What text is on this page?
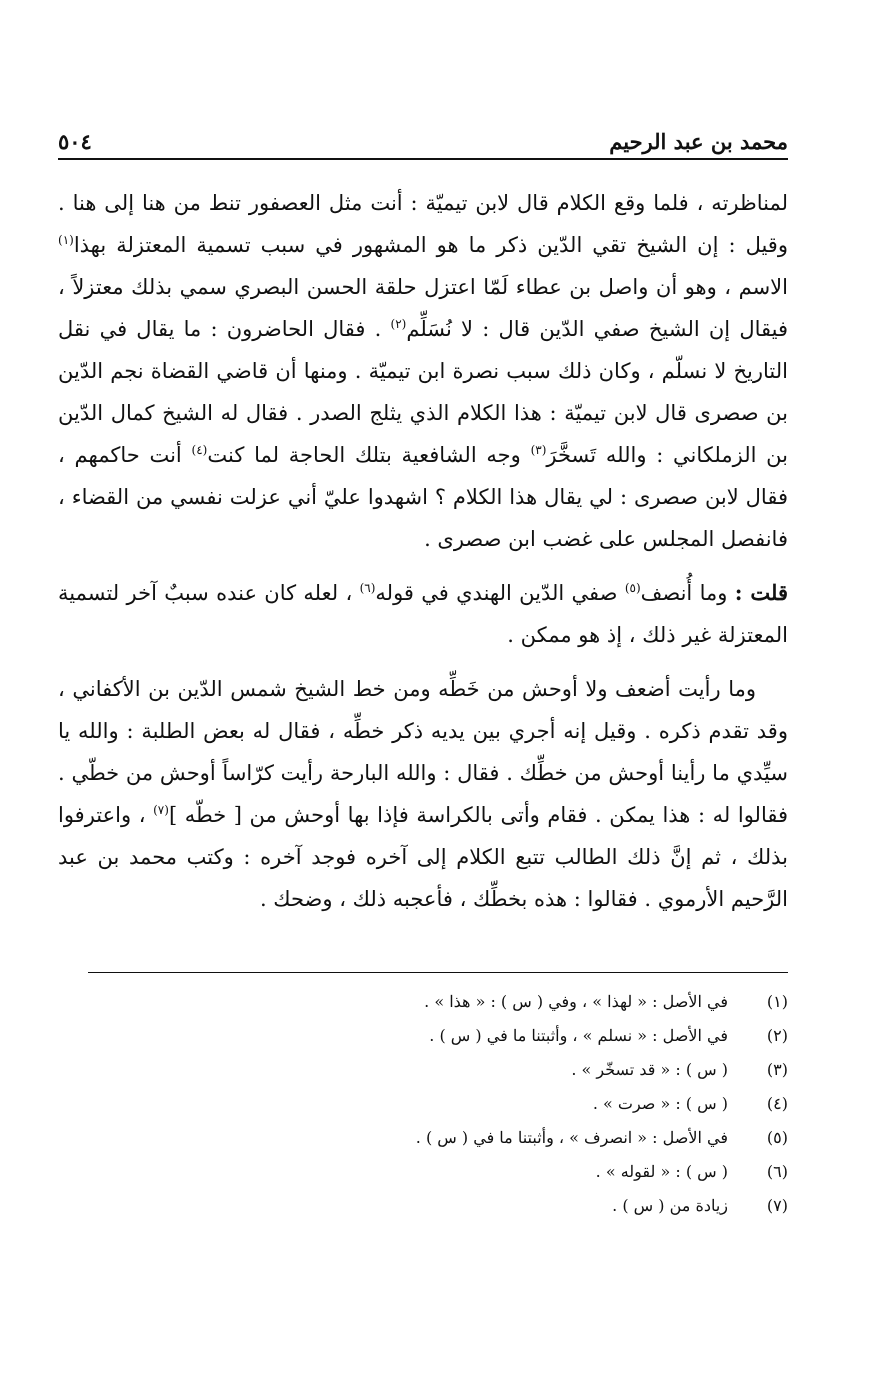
محمد بن عبد الرحيم
٥٠٤

لمناظرته ، فلما وقع الكلام قال لابن تيميّة : أنت مثل العصفور تنط من هنا إلى هنا . وقيل : إن الشيخ تقي الدّين ذكر ما هو المشهور في سبب تسمية المعتزلة بهذا$^{(١)}$ الاسم ، وهو أن واصل بن عطاء لَمّا اعتزل حلقة الحسن البصري سمي بذلك معتزلاً ، فيقال إن الشيخ صفي الدّين قال : لا نُسَلِّم$^{(٢)}$ . فقال الحاضرون : ما يقال في نقل التاريخ لا نسلّم ، وكان ذلك سبب نصرة ابن تيميّة . ومنها أن قاضي القضاة نجم الدّين بن صصرى قال لابن تيميّة : هذا الكلام الذي يثلج الصدر . فقال له الشيخ كمال الدّين بن الزملكاني : والله تَسخَّرَ$^{(٣)}$ وجه الشافعية بتلك الحاجة لما كنت$^{(٤)}$ أنت حاكمهم ، فقال لابن صصرى : لي يقال هذا الكلام ؟ اشهدوا عليّ أني عزلت نفسي من القضاء ، فانفصل المجلس على غضب ابن صصرى .

قلت : وما أُنصف$^{(٥)}$ صفي الدّين الهندي في قوله$^{(٦)}$ ، لعله كان عنده سببٌ آخر لتسمية المعتزلة غير ذلك ، إذ هو ممكن .

وما رأيت أضعف ولا أوحش من خَطِّه ومن خط الشيخ شمس الدّين بن الأكفاني ، وقد تقدم ذكره . وقيل إنه أجري بين يديه ذكر خطِّه ، فقال له بعض الطلبة : والله يا سيِّدي ما رأينا أوحش من خطِّك . فقال : والله البارحة رأيت كرّاساً أوحش من خطّي . فقالوا له : هذا يمكن . فقام وأتى بالكراسة فإذا بها أوحش من [ خطّه ]$^{(٧)}$ ، واعترفوا بذلك ، ثم إنَّ ذلك الطالب تتبع الكلام إلى آخره فوجد آخره : وكتب محمد بن عبد الرَّحيم الأرموي . فقالوا : هذه بخطِّك ، فأعجبه ذلك ، وضحك .

(١)
في الأصل : « لهذا » ، وفي ( س ) : « هذا » .
(٢)
في الأصل : « نسلم » ، وأثبتنا ما في ( س ) .
(٣)
( س ) : « قد تسخّر » .
(٤)
( س ) : « صرت » .
(٥)
في الأصل : « انصرف » ، وأثبتنا ما في ( س ) .
(٦)
( س ) : « لقوله » .
(٧)
زيادة من ( س ) .
